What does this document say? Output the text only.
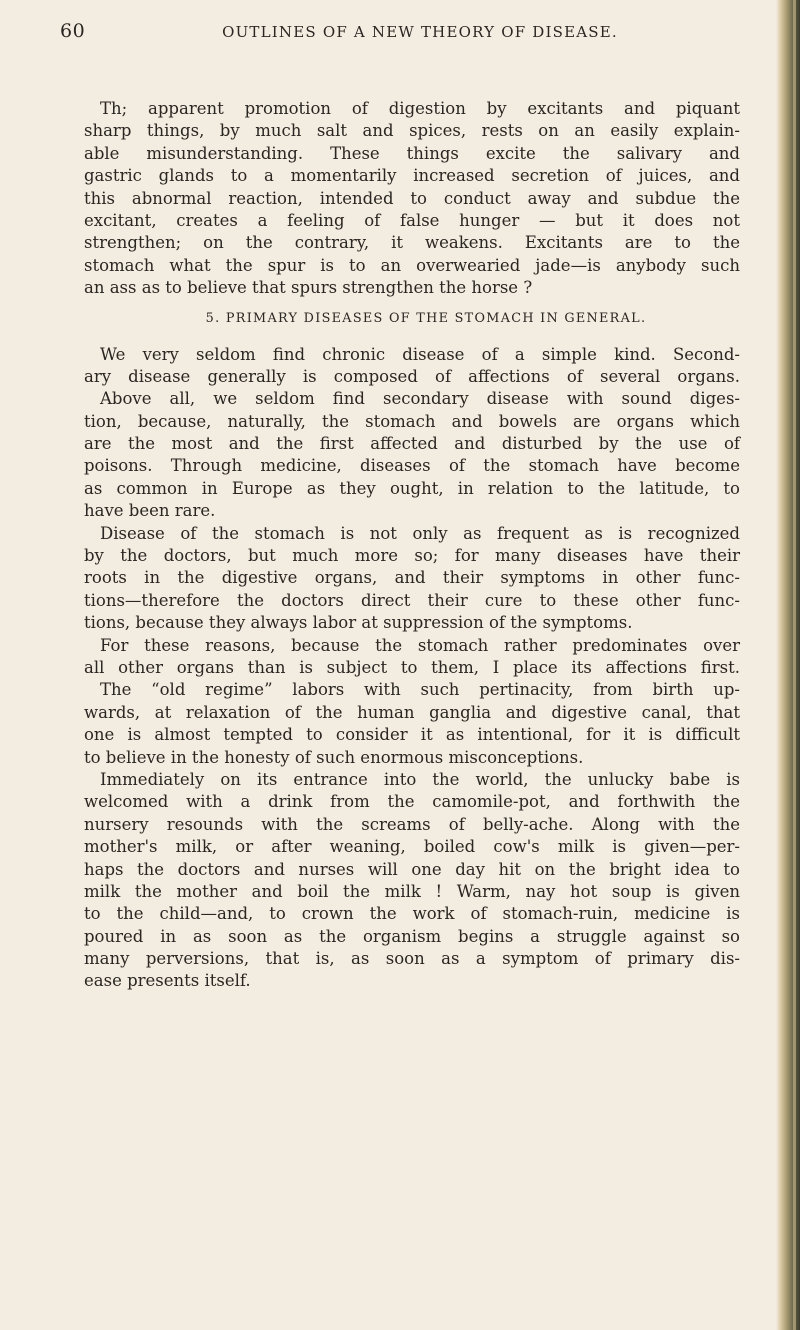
60	OUTLINES OF A NEW THEORY OF DISEASE.
Th; apparent promotion of digestion by excitants and piquant
sharp things, by much salt and spices, rests on an easily explain-
able misunderstanding. These things excite the salivary and
gastric glands to a momentarily increased secretion of juices, and
this abnormal reaction, intended to conduct away and subdue the
excitant, creates a feeling of false hunger — but it does not
strengthen; on the contrary, it weakens. Excitants are to the
stomach what the spur is to an overwearied jade—is anybody such
an ass as to believe that spurs strengthen the horse ?
5. PRIMARY DISEASES OF THE STOMACH IN GENERAL.
We very seldom find chronic disease of a simple kind. Second-
ary disease generally is composed of affections of several organs.
Above all, we seldom find secondary disease with sound diges-
tion, because, naturally, the stomach and bowels are organs which
are the most and the first affected and disturbed by the use of
poisons. Through medicine, diseases of the stomach have become
as common in Europe as they ought, in relation to the latitude, to
have been rare.
Disease of the stomach is not only as frequent as is recognized
by the doctors, but much more so; for many diseases have their
roots in the digestive organs, and their symptoms in other func-
tions—therefore the doctors direct their cure to these other func-
tions, because they always labor at suppression of the symptoms.
For these reasons, because the stomach rather predominates over
all other organs than is subject to them, I place its affections first.
The “old regime” labors with such pertinacity, from birth up-
wards, at relaxation of the human ganglia and digestive canal, that
one is almost tempted to consider it as intentional, for it is difficult
to believe in the honesty of such enormous misconceptions.
Immediately on its entrance into the world, the unlucky babe is
welcomed with a drink from the camomile-pot, and forthwith the
nursery resounds with the screams of belly-ache. Along with the
mother's milk, or after weaning, boiled cow's milk is given—per-
haps the doctors and nurses will one day hit on the bright idea to
milk the mother and boil the milk ! Warm, nay hot soup is given
to the child—and, to crown the work of stomach-ruin, medicine is
poured in as soon as the organism begins a struggle against so
many perversions, that is, as soon as a symptom of primary dis-
ease presents itself.
